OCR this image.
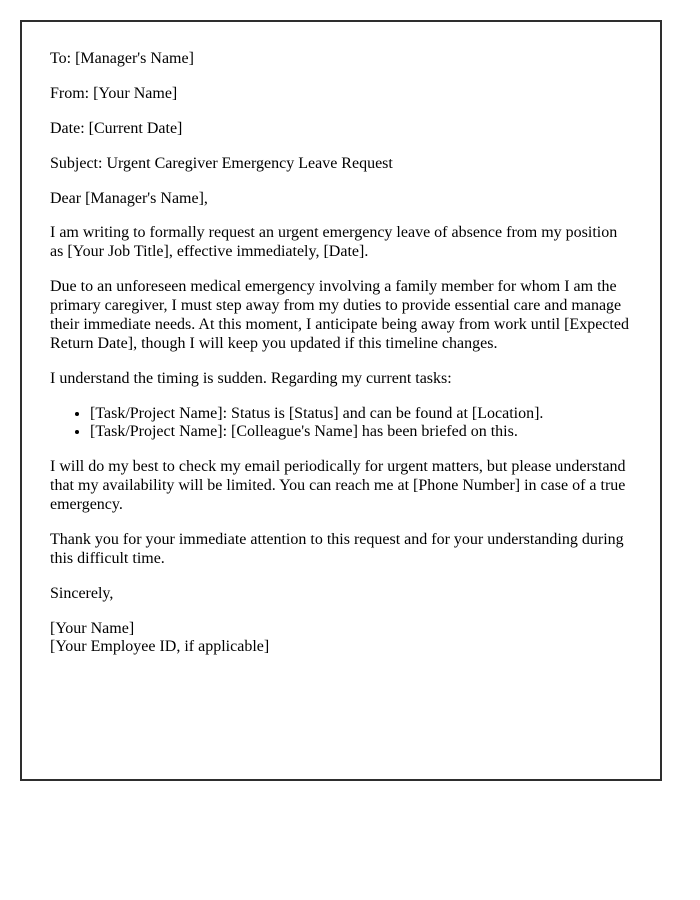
To: [Manager's Name]

From: [Your Name]

Date: [Current Date]

Subject: Urgent Caregiver Emergency Leave Request

Dear [Manager's Name],

I am writing to formally request an urgent emergency leave of absence from my position as [Your Job Title], effective immediately, [Date].

Due to an unforeseen medical emergency involving a family member for whom I am the primary caregiver, I must step away from my duties to provide essential care and manage their immediate needs. At this moment, I anticipate being away from work until [Expected Return Date], though I will keep you updated if this timeline changes.

I understand the timing is sudden. Regarding my current tasks:

• [Task/Project Name]: Status is [Status] and can be found at [Location].
• [Task/Project Name]: [Colleague's Name] has been briefed on this.

I will do my best to check my email periodically for urgent matters, but please understand that my availability will be limited. You can reach me at [Phone Number] in case of a true emergency.

Thank you for your immediate attention to this request and for your understanding during this difficult time.

Sincerely,

[Your Name]
[Your Employee ID, if applicable]
